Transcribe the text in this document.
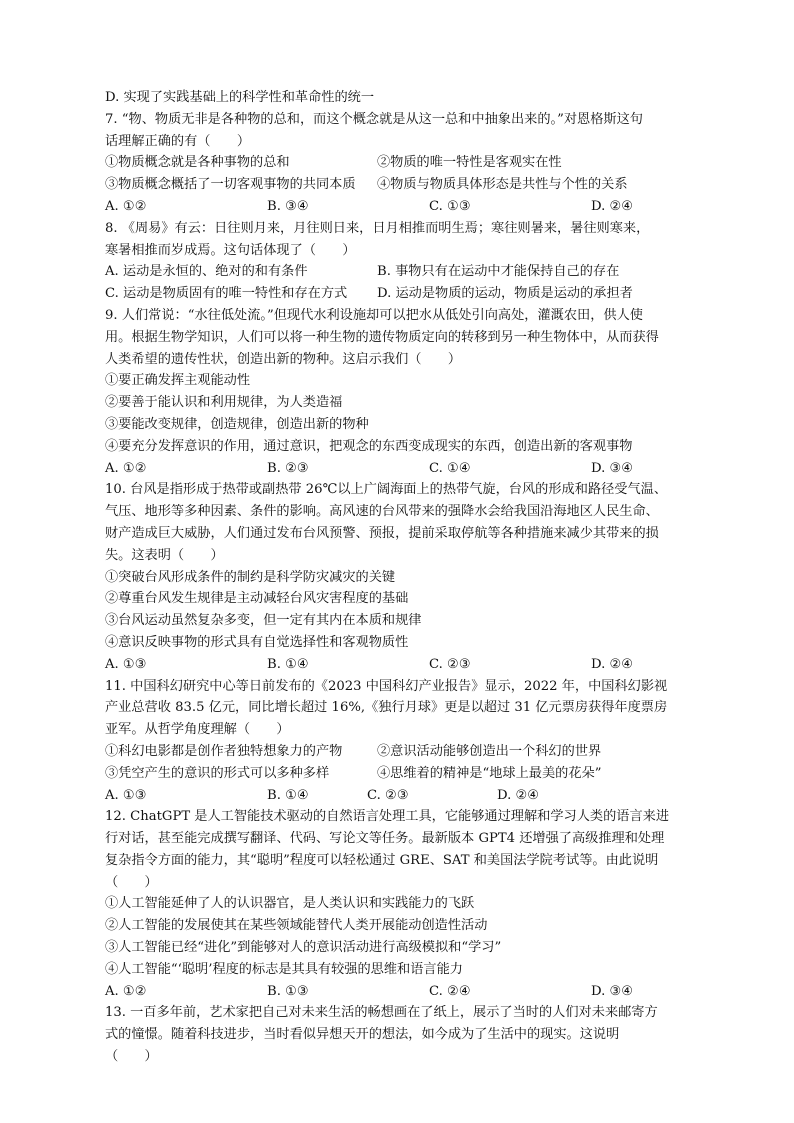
D. 实现了实践基础上的科学性和革命性的统一
7. “物、物质无非是各种物的总和，而这个概念就是从这一总和中抽象出来的。”对恩格斯这句
话理解正确的有（　　）
①物质概念就是各种事物的总和	②物质的唯一特性是客观实在性
③物质概念概括了一切客观事物的共同本质	④物质与物质具体形态是共性与个性的关系
A. ①②	B. ③④	C. ①③	D. ②④
8. 《周易》有云：日往则月来，月往则日来，日月相推而明生焉；寒往则暑来，暑往则寒来，
寒暑相推而岁成焉。这句话体现了（　　）
A. 运动是永恒的、绝对的和有条件	B. 事物只有在运动中才能保持自己的存在
C. 运动是物质固有的唯一特性和存在方式	D. 运动是物质的运动，物质是运动的承担者
9. 人们常说：“水往低处流。”但现代水利设施却可以把水从低处引向高处，灌溉农田，供人使
用。根据生物学知识，人们可以将一种生物的遗传物质定向的转移到另一种生物体中，从而获得
人类希望的遗传性状，创造出新的物种。这启示我们（　　）
①要正确发挥主观能动性
②要善于能认识和利用规律，为人类造福
③要能改变规律，创造规律，创造出新的物种
④要充分发挥意识的作用，通过意识，把观念的东西变成现实的东西，创造出新的客观事物
A. ①②	B. ②③	C. ①④	D. ③④
10. 台风是指形成于热带或副热带 26℃以上广阔海面上的热带气旋，台风的形成和路径受气温、
气压、地形等多种因素、条件的影响。高风速的台风带来的强降水会给我国沿海地区人民生命、
财产造成巨大威胁，人们通过发布台风预警、预报，提前采取停航等各种措施来减少其带来的损
失。这表明（　　）
①突破台风形成条件的制约是科学防灾减灾的关键
②尊重台风发生规律是主动减轻台风灾害程度的基础
③台风运动虽然复杂多变，但一定有其内在本质和规律
④意识反映事物的形式具有自觉选择性和客观物质性
A. ①③	B. ①④	C. ②③	D. ②④
11. 中国科幻研究中心等日前发布的《2023 中国科幻产业报告》显示，2022 年，中国科幻影视
产业总营收 83.5 亿元，同比增长超过 16%,《独行月球》更是以超过 31 亿元票房获得年度票房
亚军。从哲学角度理解（　　）
①科幻电影都是创作者独特想象力的产物	②意识活动能够创造出一个科幻的世界
③凭空产生的意识的形式可以多种多样	④思维着的精神是“地球上最美的花朵”
A. ①③	B. ①④	C. ②③	D. ②④
12. ChatGPT 是人工智能技术驱动的自然语言处理工具，它能够通过理解和学习人类的语言来进
行对话，甚至能完成撰写翻译、代码、写论文等任务。最新版本 GPT4 还增强了高级推理和处理
复杂指令方面的能力，其“聪明”程度可以轻松通过 GRE、SAT 和美国法学院考试等。由此说明
（　　）
①人工智能延伸了人的认识器官，是人类认识和实践能力的飞跃
②人工智能的发展使其在某些领域能替代人类开展能动创造性活动
③人工智能已经“进化”到能够对人的意识活动进行高级模拟和“学习”
④人工智能“‘聪明’程度的标志是其具有较强的思维和语言能力
A. ①②	B. ①③	C. ②④	D. ③④
13. 一百多年前，艺术家把自己对未来生活的畅想画在了纸上，展示了当时的人们对未来邮寄方
式的憧憬。随着科技进步，当时看似异想天开的想法，如今成为了生活中的现实。这说明
（　　）
